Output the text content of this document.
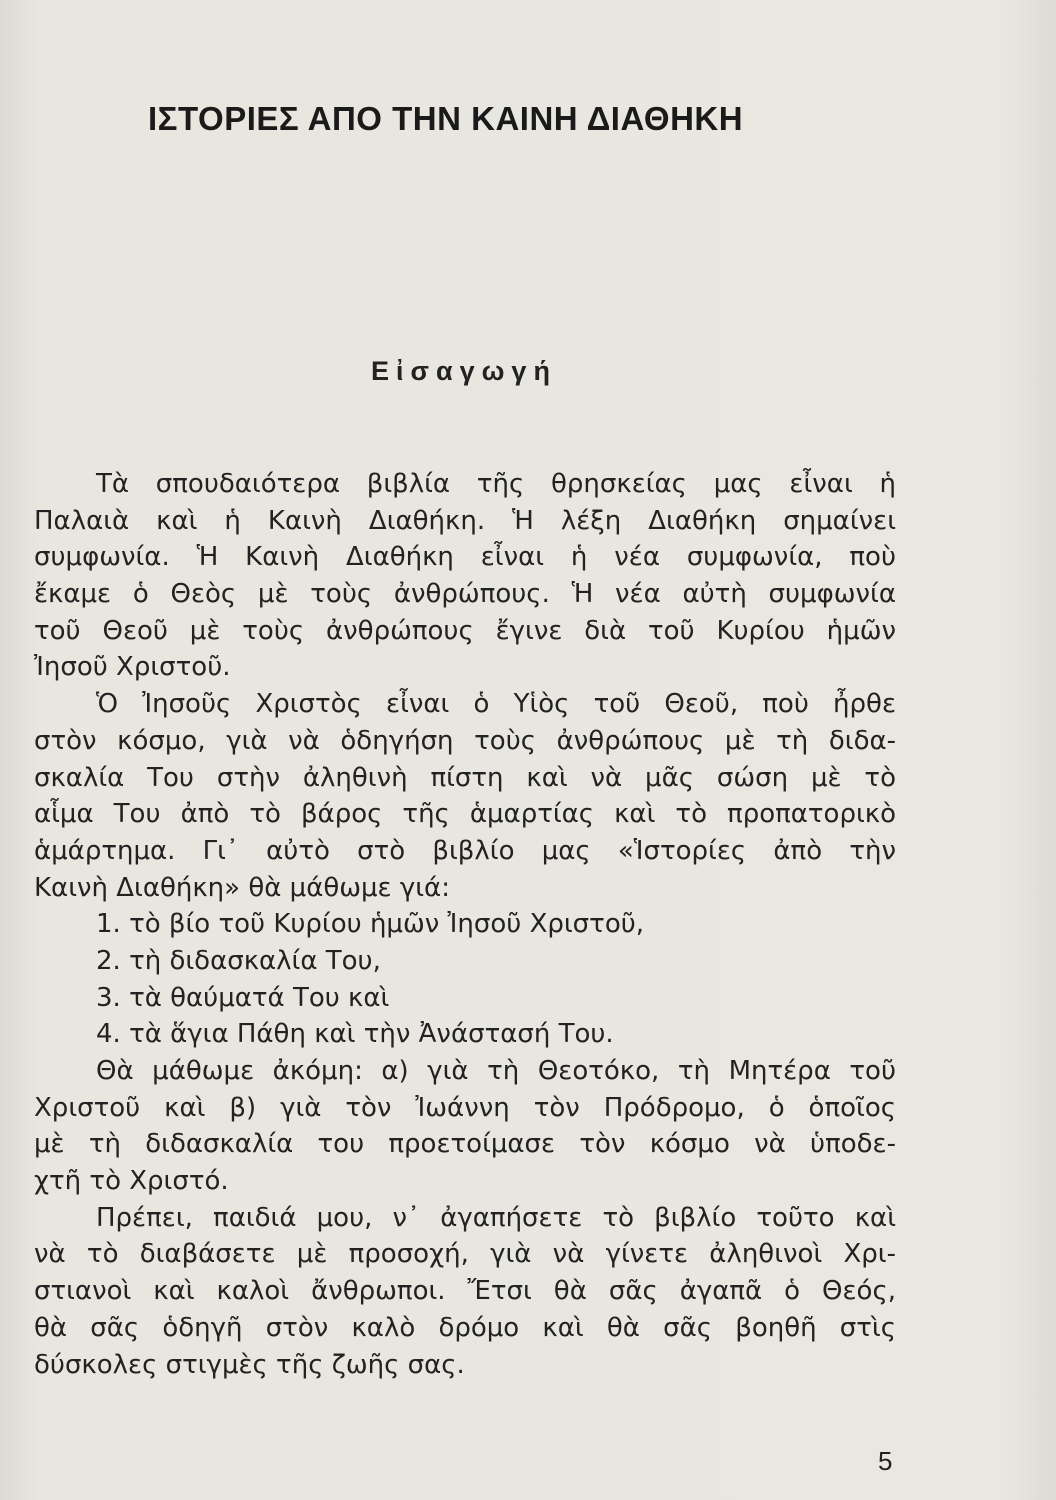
ΙΣΤΟΡΙΕΣ ΑΠΟ ΤΗΝ ΚΑΙΝΗ ΔΙΑΘΗΚΗ
Εἰσαγωγή
Τὰ σπουδαιότερα βιβλία τῆς θρησκείας μας εἶναι ἡ
Παλαιὰ καὶ ἡ Καινὴ Διαθήκη. Ἡ λέξη Διαθήκη σημαίνει
συμφωνία. Ἡ Καινὴ Διαθήκη εἶναι ἡ νέα συμφωνία, ποὺ
ἔκαμε ὁ Θεὸς μὲ τοὺς ἀνθρώπους. Ἡ νέα αὐτὴ συμφωνία
τοῦ Θεοῦ μὲ τοὺς ἀνθρώπους ἔγινε διὰ τοῦ Κυρίου ἡμῶν
Ἰησοῦ Χριστοῦ.
Ὁ Ἰησοῦς Χριστὸς εἶναι ὁ Υἱὸς τοῦ Θεοῦ, ποὺ ἦρθε
στὸν κόσμο, γιὰ νὰ ὁδηγήση τοὺς ἀνθρώπους μὲ τὴ διδα-
σκαλία Του στὴν ἀληθινὴ πίστη καὶ νὰ μᾶς σώση μὲ τὸ
αἷμα Του ἀπὸ τὸ βάρος τῆς ἁμαρτίας καὶ τὸ προπατορικὸ
ἁμάρτημα. Γι᾽ αὐτὸ στὸ βιβλίο μας «Ἱστορίες ἀπὸ τὴν
Καινὴ Διαθήκη» θὰ μάθωμε γιά:
1. τὸ βίο τοῦ Κυρίου ἡμῶν Ἰησοῦ Χριστοῦ,
2. τὴ διδασκαλία Του,
3. τὰ θαύματά Του καὶ
4. τὰ ἅγια Πάθη καὶ τὴν Ἀνάστασή Του.
Θὰ μάθωμε ἀκόμη: α) γιὰ τὴ Θεοτόκο, τὴ Μητέρα τοῦ
Χριστοῦ καὶ β) γιὰ τὸν Ἰωάννη τὸν Πρόδρομο, ὁ ὁποῖος
μὲ τὴ διδασκαλία του προετοίμασε τὸν κόσμο νὰ ὑποδε-
χτῆ τὸ Χριστό.
Πρέπει, παιδιά μου, ν᾽ ἀγαπήσετε τὸ βιβλίο τοῦτο καὶ
νὰ τὸ διαβάσετε μὲ προσοχή, γιὰ νὰ γίνετε ἀληθινοὶ Χρι-
στιανοὶ καὶ καλοὶ ἄνθρωποι. Ἔτσι θὰ σᾶς ἀγαπᾶ ὁ Θεός,
θὰ σᾶς ὁδηγῆ στὸν καλὸ δρόμο καὶ θὰ σᾶς βοηθῆ στὶς
δύσκολες στιγμὲς τῆς ζωῆς σας.
5
